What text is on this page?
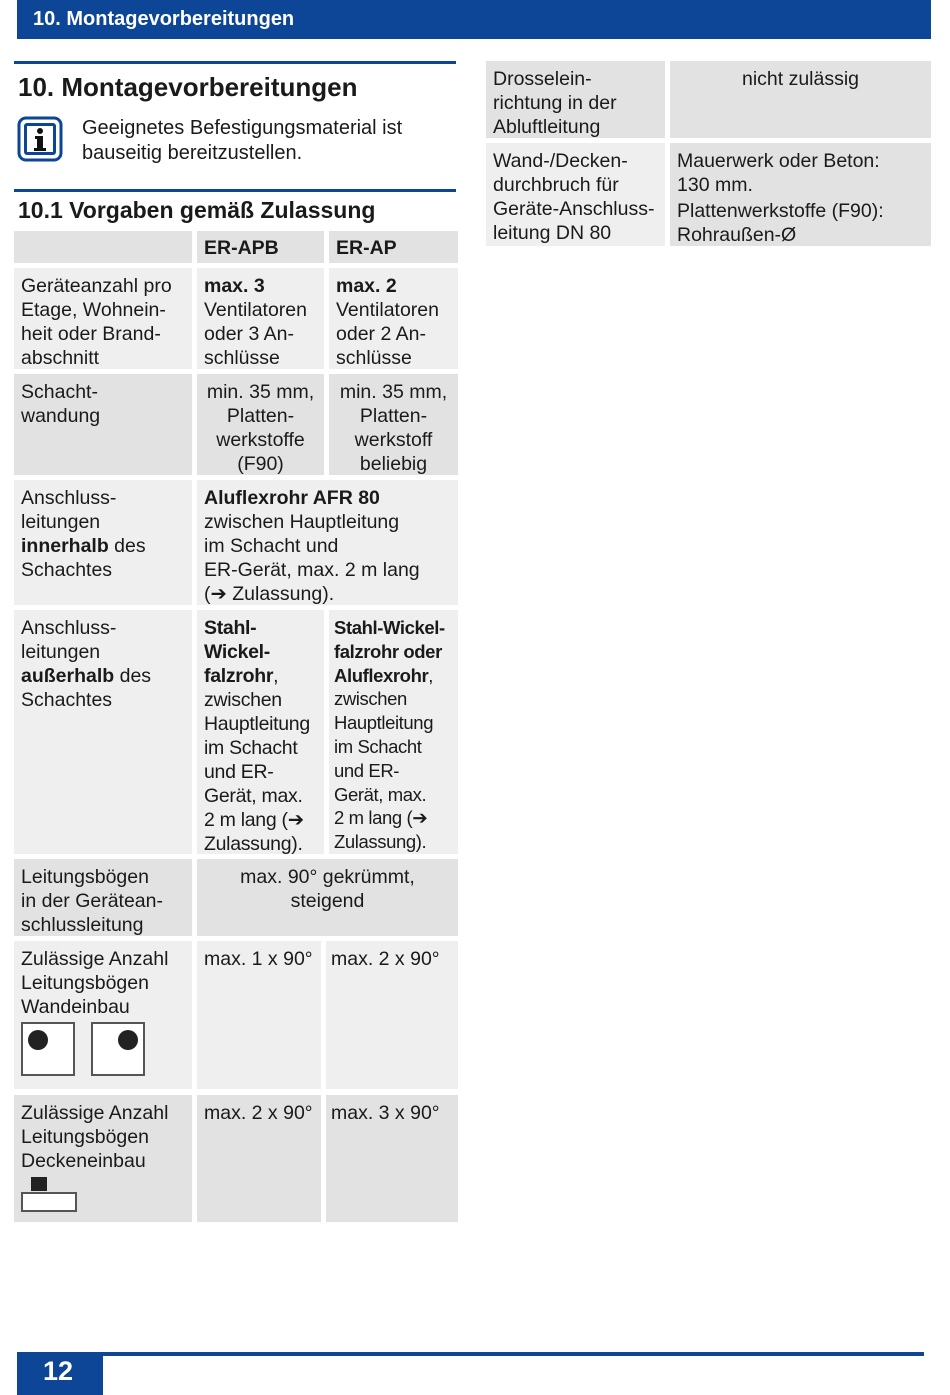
10. Montagevorbereitungen
10. Montagevorbereitungen
Geeignetes Befestigungsmaterial ist
bauseitig bereitzustellen.
10.1 Vorgaben gemäß Zulassung
ER-APB	ER-AP
Geräteanzahl pro
Etage, Wohnein-
heit oder Brand-
abschnitt
max. 3
Ventilatoren
oder 3 An-
schlüsse
max. 2
Ventilatoren
oder 2 An-
schlüsse
Schacht-
wandung
min. 35 mm,
Platten-
werkstoffe
(F90)
min. 35 mm,
Platten-
werkstoff
beliebig
Anschluss-
leitungen
innerhalb des
Schachtes
Aluflexrohr AFR 80
zwischen Hauptleitung
im Schacht und
ER-Gerät, max. 2 m lang
(➔ Zulassung).
Anschluss-
leitungen
außerhalb des
Schachtes
Stahl-Wickel-
falzrohr,
zwischen
Hauptleitung
im Schacht
und ER-
Gerät, max.
2 m lang (➔
Zulassung).
Stahl-Wickel-
falzrohr oder
Aluflexrohr,
zwischen
Hauptleitung
im Schacht
und ER-
Gerät, max.
2 m lang (➔
Zulassung).
Leitungsbögen
in der Gerätean-
schlussleitung
max. 90° gekrümmt,
steigend
Zulässige Anzahl
Leitungsbögen
Wandeinbau
max. 1 x 90° max. 2 x 90°
Zulässige Anzahl
Leitungsbögen
Deckeneinbau
max. 2 x 90° max. 3 x 90°
Drosselein-
richtung in der
Abluftleitung
nicht zulässig
Wand-/Decken-
durchbruch für
Geräte-Anschluss-
leitung DN 80
Mauerwerk oder Beton:
130 mm.
Plattenwerkstoffe (F90):
Rohraußen-Ø
12
